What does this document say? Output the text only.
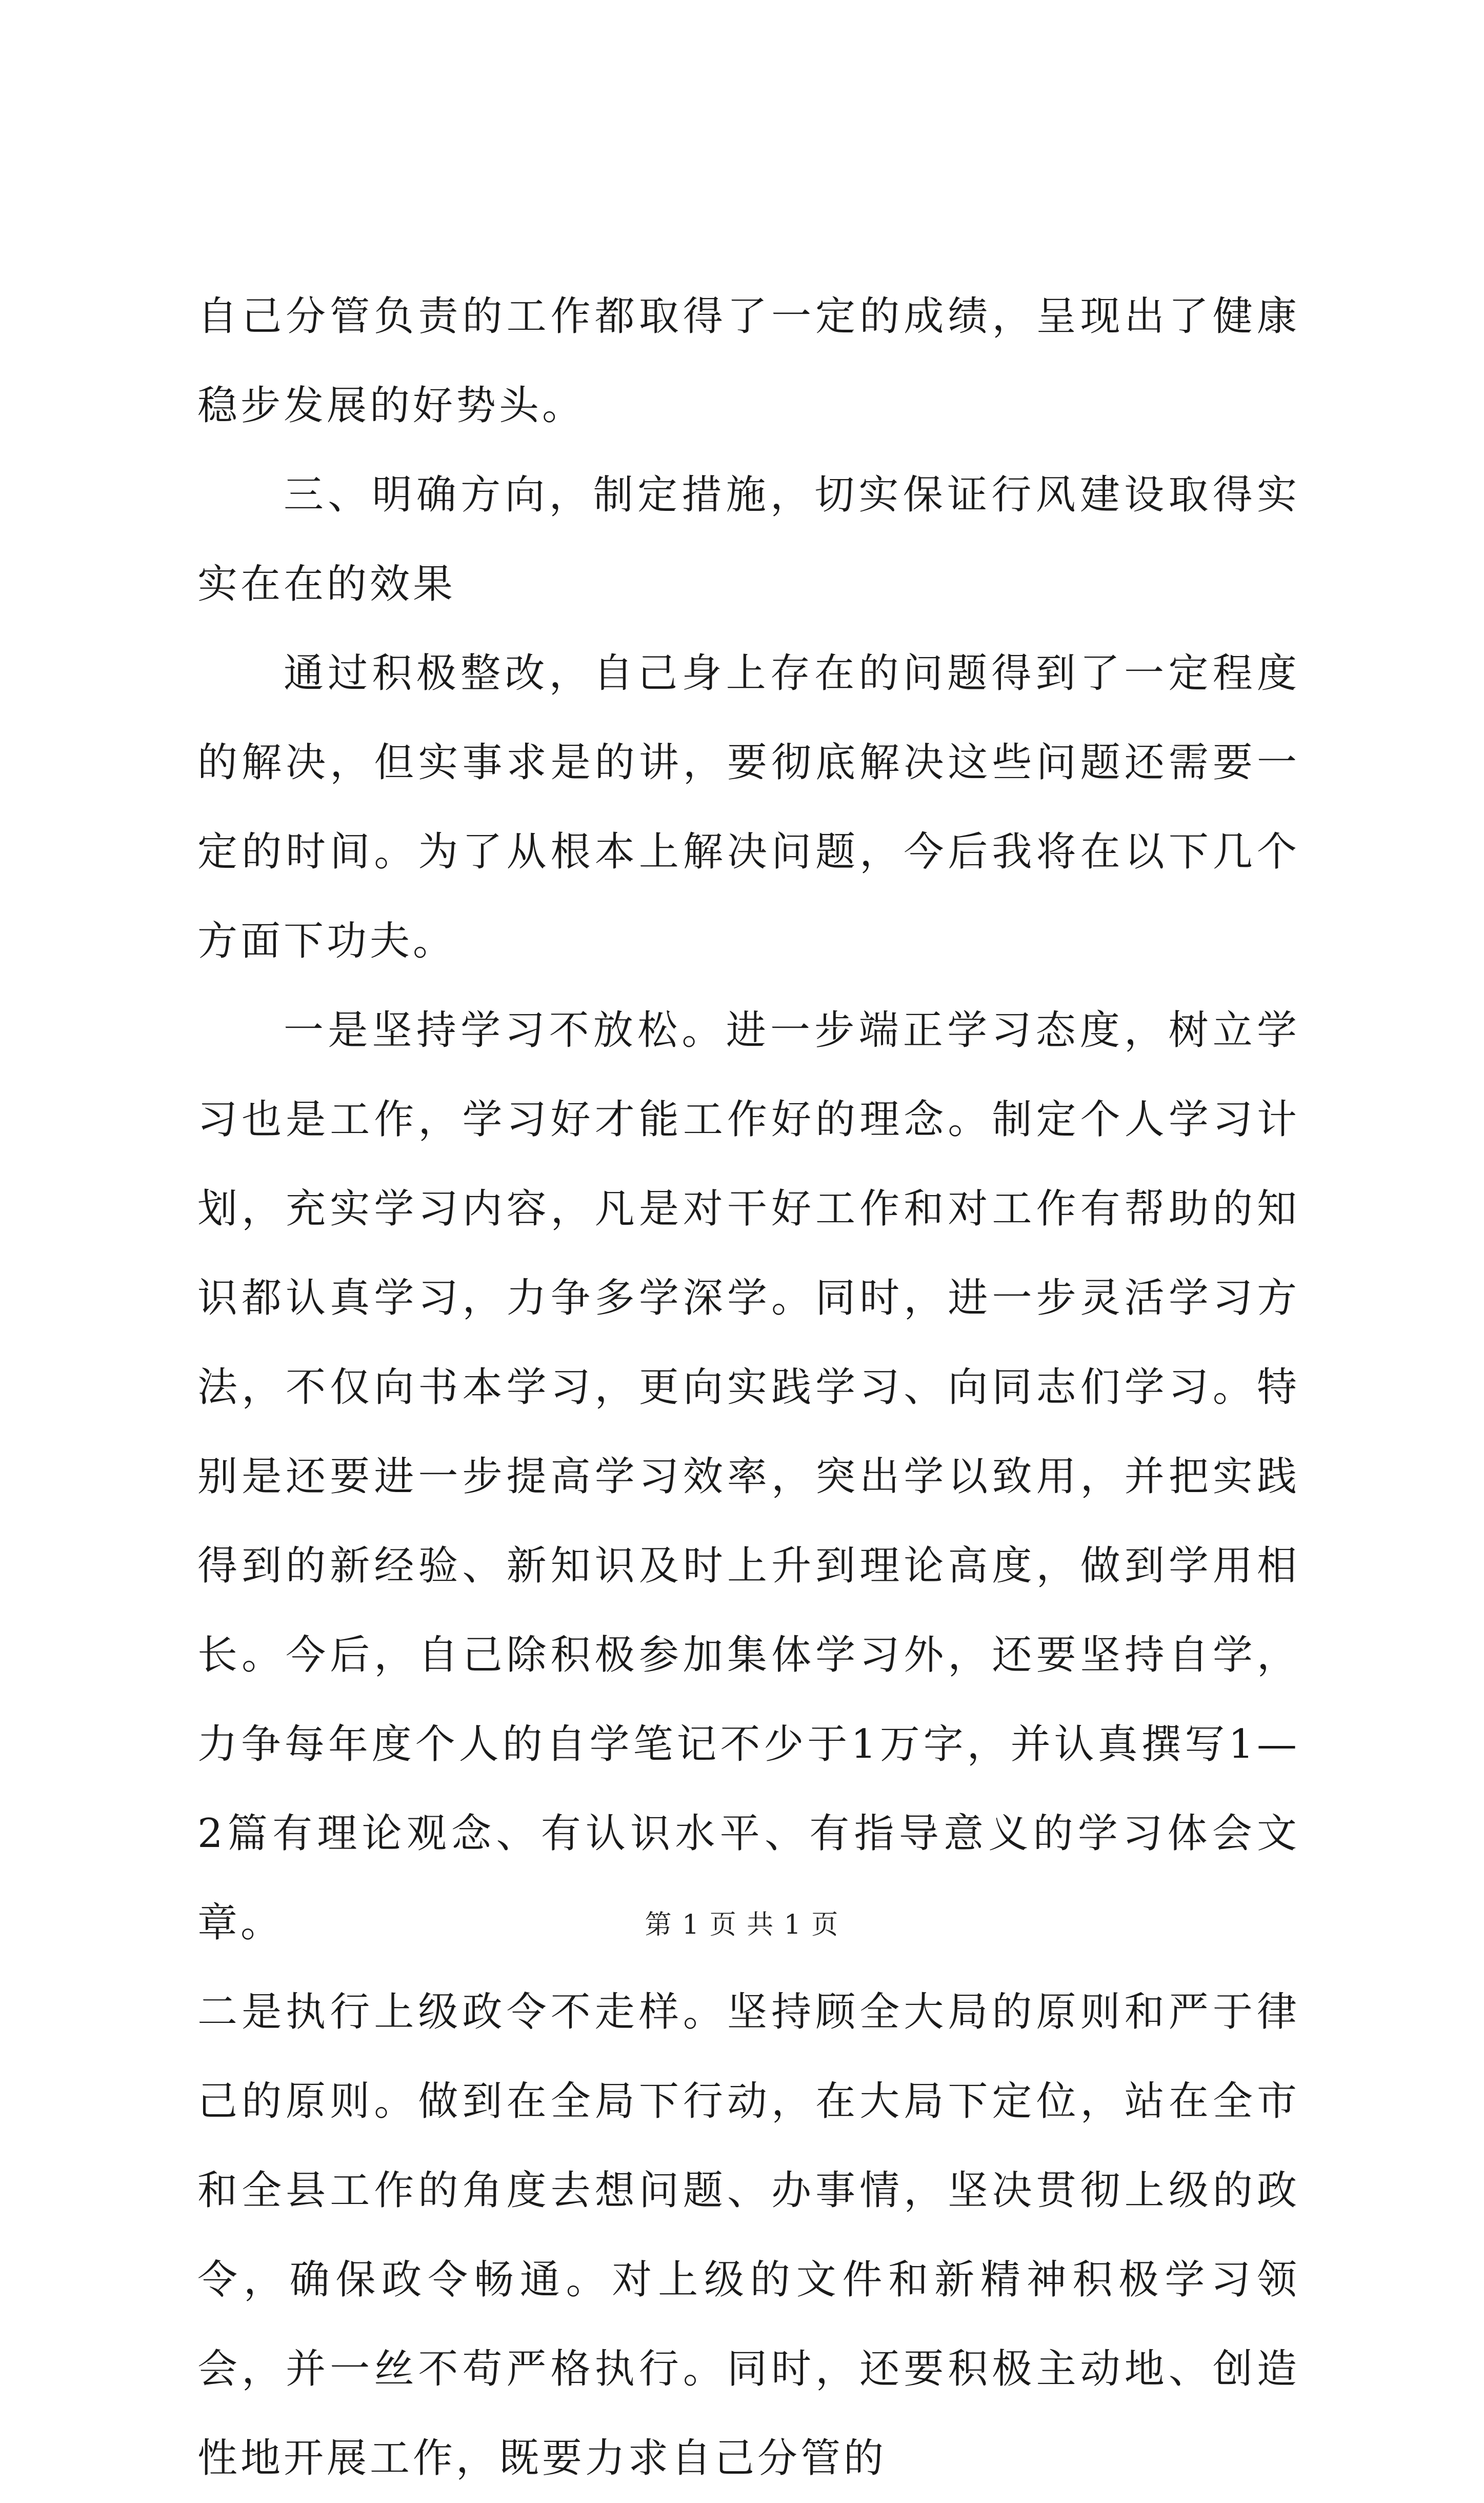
自己分管负责的工作都取得了一定的成绩，呈现出了健康稳步发展的好势头。

三、明确方向，制定措施，切实保证行风建设取得实实在在的效果

通过积极整改，自己身上存在的问题得到了一定程度的解决，但实事求是的讲，要彻底解决这些问题还需要一定的时间。为了从根本上解决问题，今后我将在以下几个方面下功夫。

一是坚持学习不放松。进一步端正学习态度，树立学习也是工作，学习好才能工作好的理念。制定个人学习计划，充实学习内容，凡是对干好工作和对工作有帮助的知识都认真学习，力争多学深学。同时，进一步灵活学习方法，不仅向书本学习，更向实践学习、向同志们学习。特别是还要进一步提高学习效率，突出学以致用，并把实践得到的新经验、新知识及时上升到理论高度，做到学用相长。今后，自己除积极参加集体学习外，还要坚持自学，力争每年度个人的自学笔记不少于1万字，并认真撰写1—2篇有理论观念、有认识水平、有指导意义的学习体会文章。

二是执行上级政令不走样。坚持顾全大局的原则和严于律己的原则。做到在全局下行动，在大局下定位，站在全市和全县工作的角度去想问题、办事情，坚决贯彻上级的政令，确保政令畅通。对上级的文件和新精神积极学习领会，并一丝不苟严格执行。同时，还要积极主动地、创造性地开展工作，既要力求自己分管的

第 1 页 共 1 页
